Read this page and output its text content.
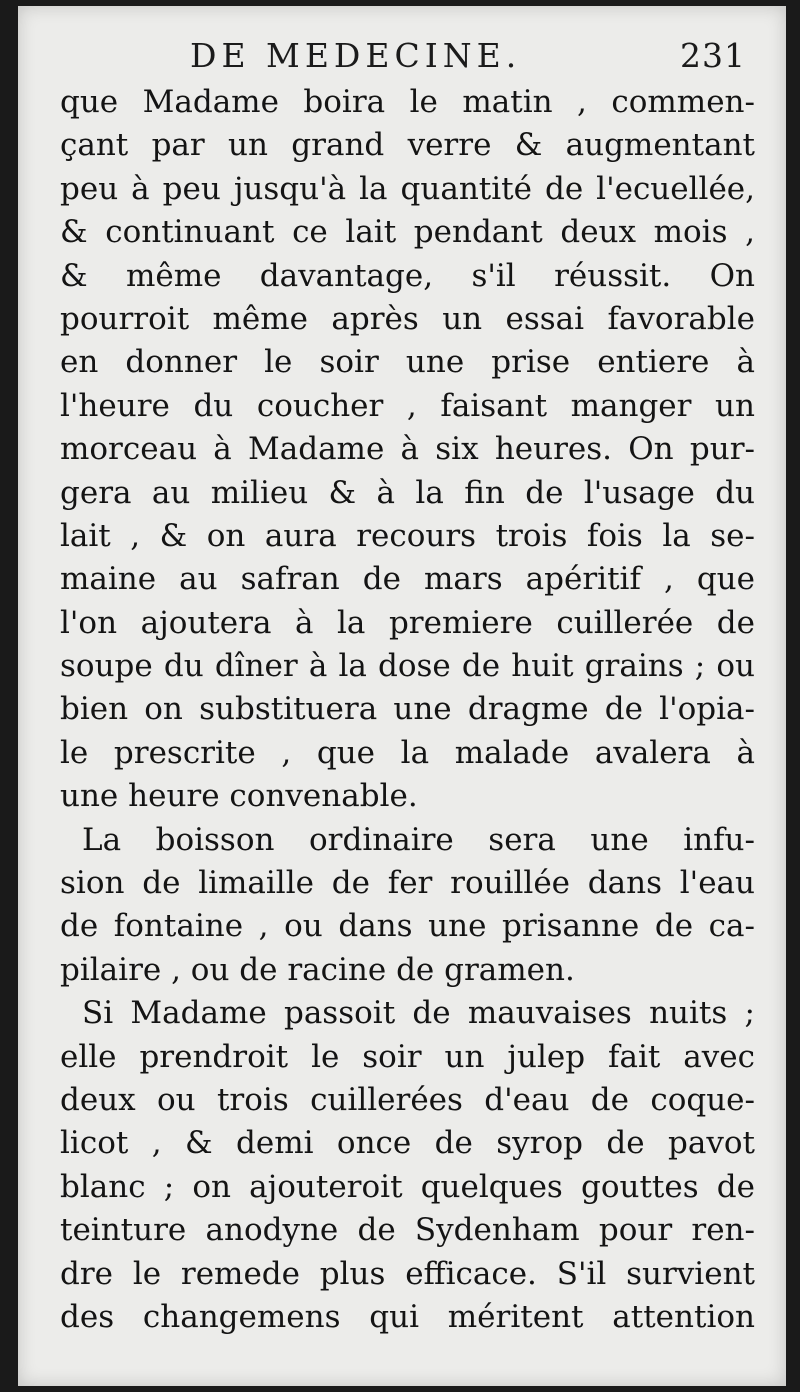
DE MEDECINE.	231
que Madame boira le matin , commen-
çant par un grand verre & augmentant
peu à peu jusqu'à la quantité de l'ecuellée,
& continuant ce lait pendant deux mois ,
& même davantage, s'il réussit. On
pourroit même après un essai favorable
en donner le soir une prise entiere à
l'heure du coucher , faisant manger un
morceau à Madame à six heures. On pur-
gera au milieu & à la fin de l'usage du
lait , & on aura recours trois fois la se-
maine au safran de mars apéritif , que
l'on ajoutera à la premiere cuillerée de
soupe du dîner à la dose de huit grains ; ou
bien on substituera une dragme de l'opia-
le prescrite , que la malade avalera à
une heure convenable.
La boisson ordinaire sera une infu-
sion de limaille de fer rouillée dans l'eau
de fontaine , ou dans une prisanne de ca-
pilaire , ou de racine de gramen.
Si Madame passoit de mauvaises nuits ;
elle prendroit le soir un julep fait avec
deux ou trois cuillerées d'eau de coque-
licot , & demi once de syrop de pavot
blanc ; on ajouteroit quelques gouttes de
teinture anodyne de Sydenham pour ren-
dre le remede plus efficace. S'il survient
des changemens qui méritent attention
